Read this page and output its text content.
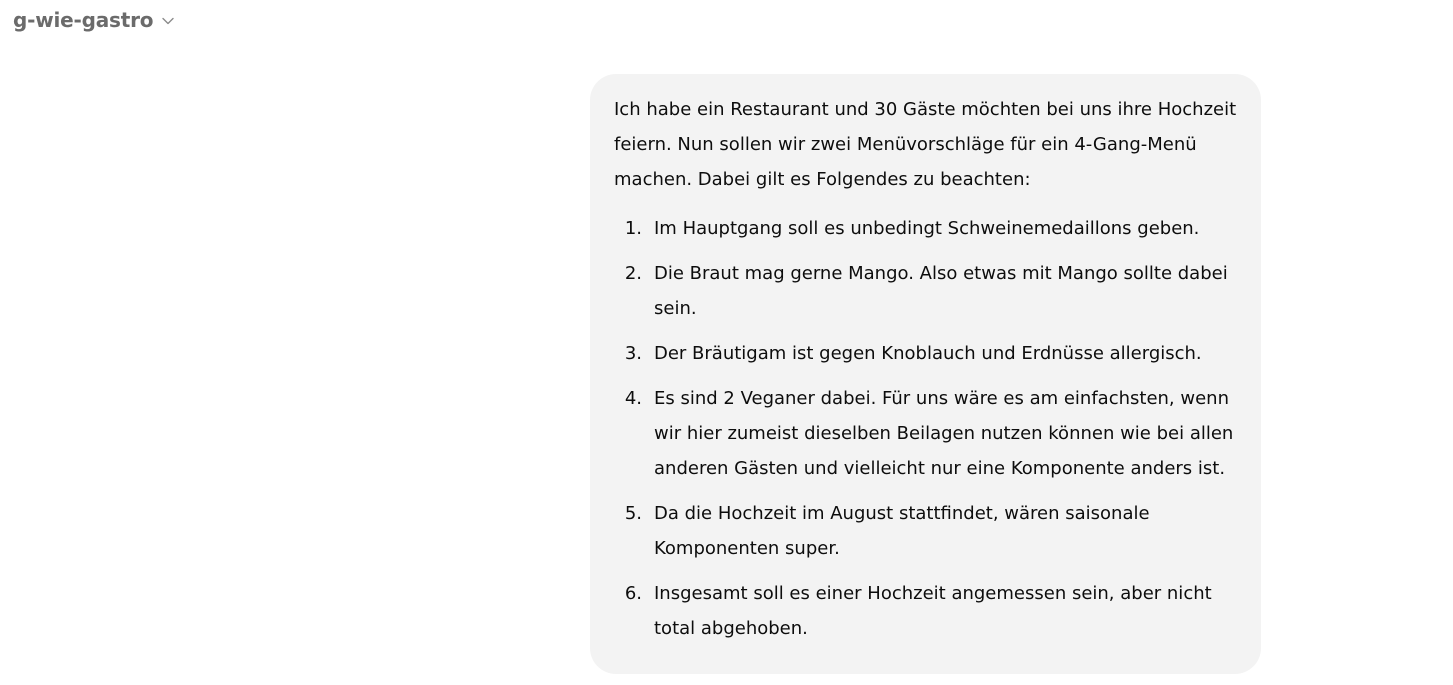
g-wie-gastro

Ich habe ein Restaurant und 30 Gäste möchten bei uns ihre Hochzeit feiern. Nun sollen wir zwei Menüvorschläge für ein 4-Gang-Menü machen. Dabei gilt es Folgendes zu beachten:

1. Im Hauptgang soll es unbedingt Schweinemedaillons geben.
2. Die Braut mag gerne Mango. Also etwas mit Mango sollte dabei sein.
3. Der Bräutigam ist gegen Knoblauch und Erdnüsse allergisch.
4. Es sind 2 Veganer dabei. Für uns wäre es am einfachsten, wenn wir hier zumeist dieselben Beilagen nutzen können wie bei allen anderen Gästen und vielleicht nur eine Komponente anders ist.
5. Da die Hochzeit im August stattfindet, wären saisonale Komponenten super.
6. Insgesamt soll es einer Hochzeit angemessen sein, aber nicht total abgehoben.
